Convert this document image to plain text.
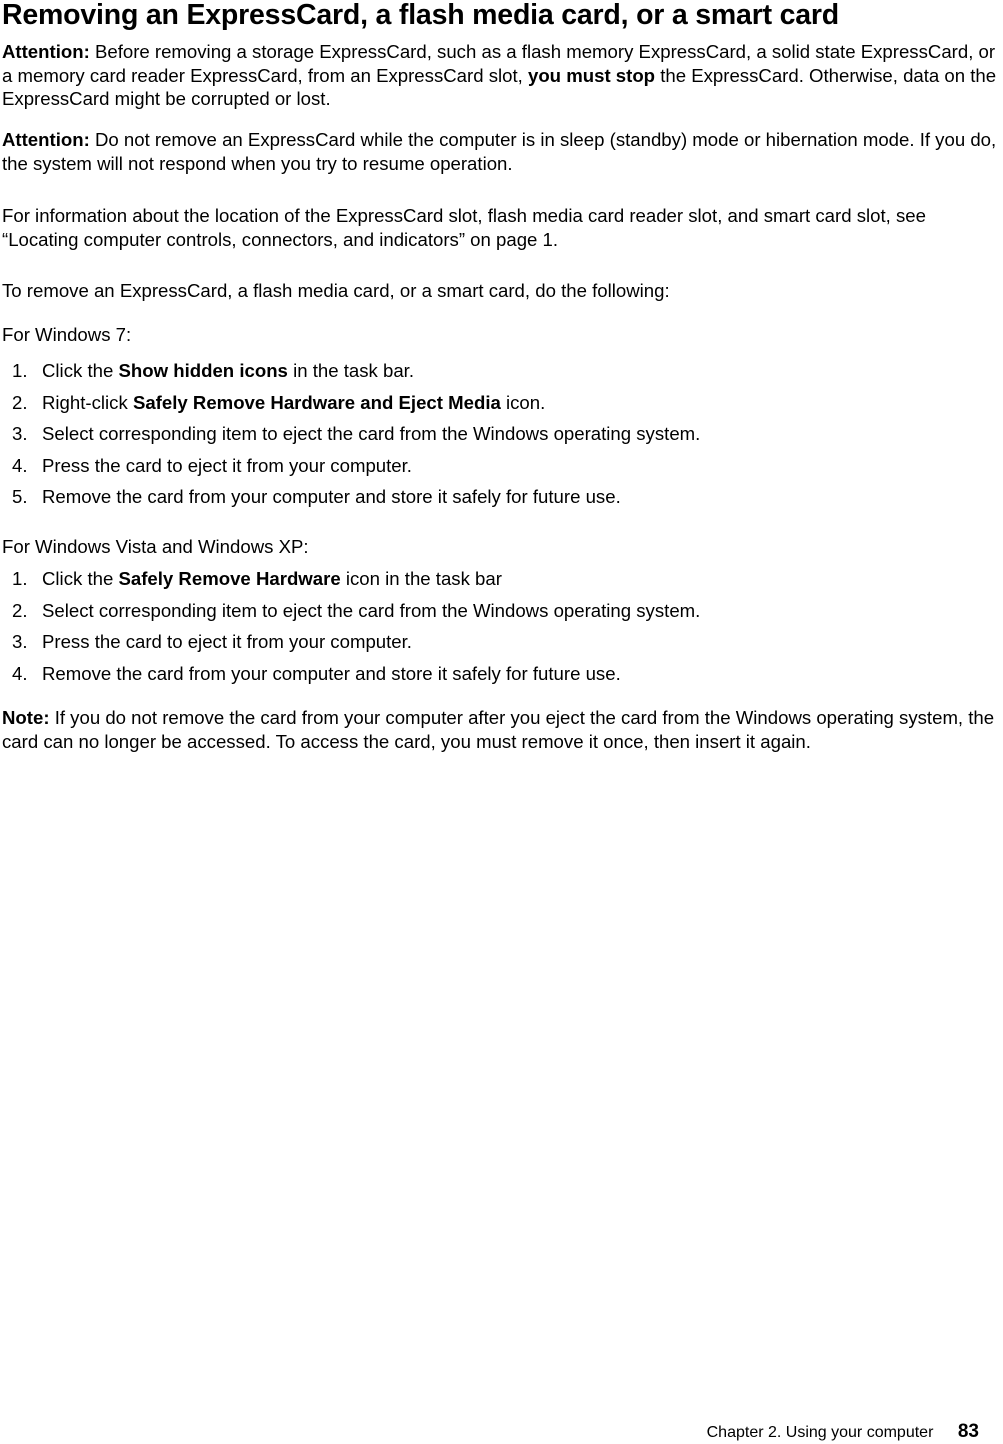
Removing an ExpressCard, a flash media card, or a smart card

Attention: Before removing a storage ExpressCard, such as a flash memory ExpressCard, a solid state ExpressCard, or a memory card reader ExpressCard, from an ExpressCard slot, you must stop the ExpressCard. Otherwise, data on the ExpressCard might be corrupted or lost.

Attention: Do not remove an ExpressCard while the computer is in sleep (standby) mode or hibernation mode. If you do, the system will not respond when you try to resume operation.

For information about the location of the ExpressCard slot, flash media card reader slot, and smart card slot, see “Locating computer controls, connectors, and indicators” on page 1.

To remove an ExpressCard, a flash media card, or a smart card, do the following:

For Windows 7:
1. Click the Show hidden icons in the task bar.
2. Right-click Safely Remove Hardware and Eject Media icon.
3. Select corresponding item to eject the card from the Windows operating system.
4. Press the card to eject it from your computer.
5. Remove the card from your computer and store it safely for future use.
For Windows Vista and Windows XP:
1. Click the Safely Remove Hardware icon in the task bar
2. Select corresponding item to eject the card from the Windows operating system.
3. Press the card to eject it from your computer.
4. Remove the card from your computer and store it safely for future use.

Note: If you do not remove the card from your computer after you eject the card from the Windows operating system, the card can no longer be accessed. To access the card, you must remove it once, then insert it again.

Chapter 2. Using your computer 83
